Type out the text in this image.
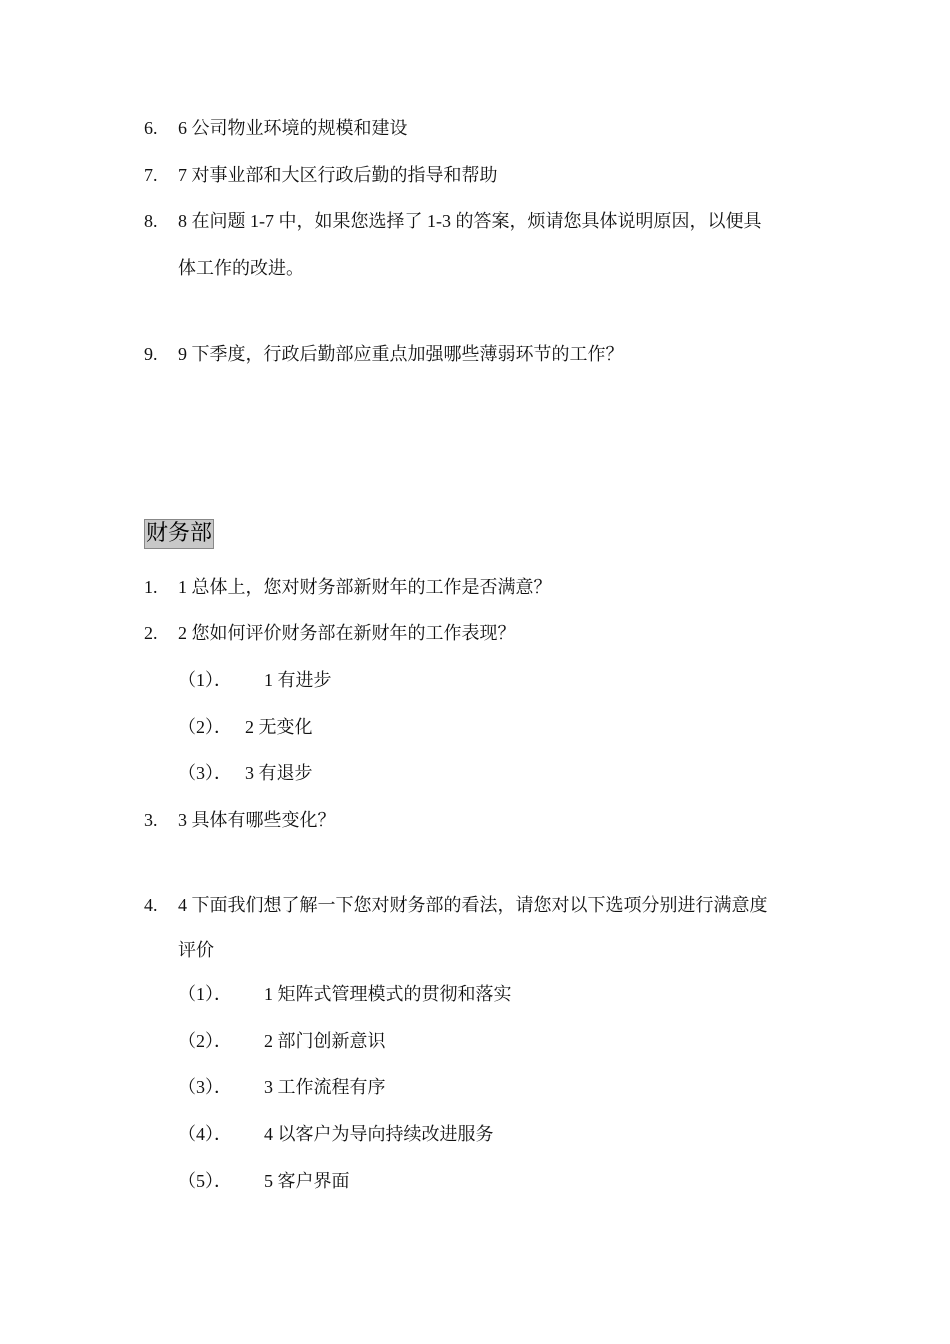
6. 6 公司物业环境的规模和建设
7. 7 对事业部和大区行政后勤的指导和帮助
8. 8 在问题 1-7 中，如果您选择了 1-3 的答案，烦请您具体说明原因，以便具
体工作的改进。
9. 9 下季度，行政后勤部应重点加强哪些薄弱环节的工作？
财务部
1. 1 总体上，您对财务部新财年的工作是否满意？
2. 2 您如何评价财务部在新财年的工作表现？
（1）． 1 有进步
（2）． 2 无变化
（3）． 3 有退步
3. 3 具体有哪些变化？
4. 4 下面我们想了解一下您对财务部的看法，请您对以下选项分别进行满意度
评价
（1）． 1 矩阵式管理模式的贯彻和落实
（2）． 2 部门创新意识
（3）． 3 工作流程有序
（4）． 4 以客户为导向持续改进服务
（5）． 5 客户界面
